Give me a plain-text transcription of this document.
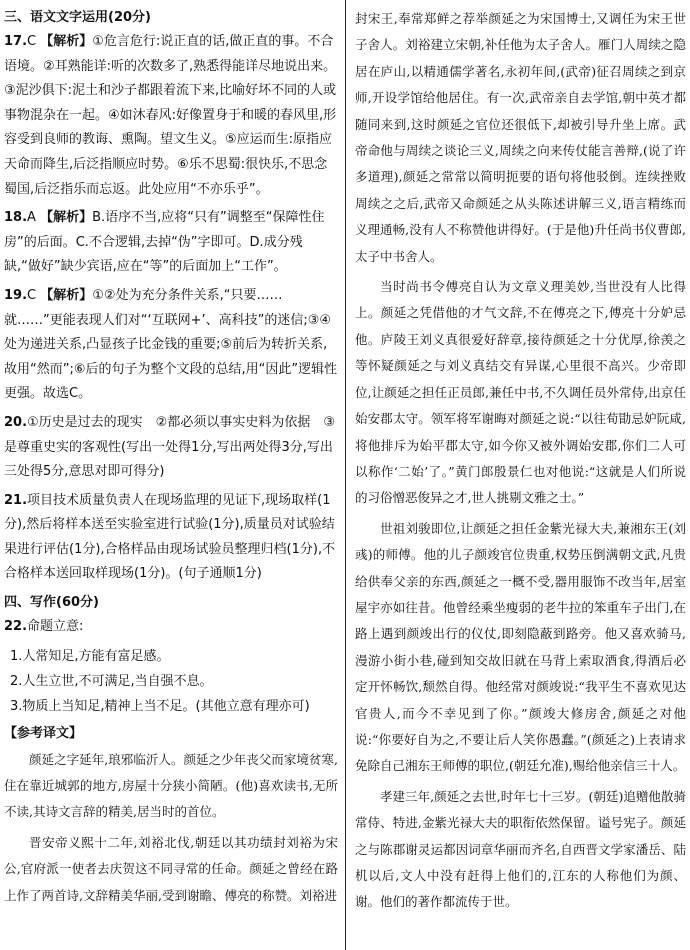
三、语文文字运用(20分)
17.C 【解析】①危言危行:说正直的话,做正直的事。不合语境。②耳熟能详:听的次数多了,熟悉得能详尽地说出来。③泥沙俱下:泥土和沙子都跟着流下来,比喻好坏不同的人或事物混杂在一起。④如沐春风:好像置身于和暖的春风里,形容受到良师的教诲、熏陶。望文生义。⑤应运而生:原指应天命而降生,后泛指顺应时势。⑥乐不思蜀:很快乐,不思念蜀国,后泛指乐而忘返。此处应用“不亦乐乎”。
18.A 【解析】B.语序不当,应将“只有”调整至“保障性住房”的后面。C.不合逻辑,去掉“伪”字即可。D.成分残缺,“做好”缺少宾语,应在“等”的后面加上“工作”。
19.C 【解析】①②处为充分条件关系,“只要……就……”更能表现人们对“‘互联网+’、高科技”的迷信;③④处为递进关系,凸显孩子比金钱的重要;⑤前后为转折关系,故用“然而”;⑥后的句子为整个文段的总结,用“因此”逻辑性更强。故选C。
20.①历史是过去的现实　②都必须以事实史料为依据　③是尊重史实的客观性(写出一处得1分,写出两处得3分,写出三处得5分,意思对即可得分)
21.项目技术质量负责人在现场监理的见证下,现场取样(1分),然后将样本送至实验室进行试验(1分),质量员对试验结果进行评估(1分),合格样品由现场试验员整理归档(1分),不合格样本送回取样现场(1分)。(句子通顺1分)
四、写作(60分)
22.命题立意:
1.人常知足,方能有富足感。
2.人生立世,不可满足,当自强不息。
3.物质上当知足,精神上当不足。(其他立意有理亦可)
【参考译文】

颜延之字延年,琅邪临沂人。颜延之少年丧父而家境贫寒,住在靠近城郭的地方,房屋十分狭小简陋。(他)喜欢读书,无所不读,其诗文言辞的精美,居当时的首位。

晋安帝义熙十二年,刘裕北伐,朝廷以其功绩封刘裕为宋公,官府派一使者去庆贺这不同寻常的任命。颜延之曾经在路上作了两首诗,文辞精美华丽,受到谢瞻、傅亮的称赞。刘裕进

封宋王,奉常郑鲜之荐举颜延之为宋国博士,又调任为宋王世子舍人。刘裕建立宋朝,补任他为太子舍人。雁门人周续之隐居在庐山,以精通儒学著名,永初年间,(武帝)征召周续之到京师,开设学馆给他居住。有一次,武帝亲自去学馆,朝中英才都随同来到,这时颜延之官位还很低下,却被引导升坐上席。武帝命他与周续之谈论三义,周续之向来传仗能言善辩,(说了许多道理),颜延之常常以简明扼要的语句将他驳倒。连续挫败周续之之后,武帝又命颜延之从头陈述讲解三义,语言精练而义理通畅,没有人不称赞他讲得好。(于是他)升任尚书仪曹郎,太子中书舍人。

当时尚书令傅亮自认为文章义理美妙,当世没有人比得上。颜延之凭借他的才气文辞,不在傅亮之下,傅亮十分妒忌他。庐陵王刘义真很爱好辞章,接待颜延之十分优厚,徐羡之等怀疑颜延之与刘义真结交有异谋,心里很不高兴。少帝即位,让颜延之担任正员郎,兼任中书,不久调任员外常侍,出京任始安郡太守。领军将军谢晦对颜延之说:“以往荀勖忌妒阮咸,将他排斥为始平郡太守,如今你又被外调始安郡,你们二人可以称作‘二始’了。”黄门郎殷景仁也对他说:“这就是人们所说的习俗憎恶俊异之才,世人挑剔文雅之士。”

世祖刘骏即位,让颜延之担任金紫光禄大夫,兼湘东王(刘彧)的师傅。他的儿子颜竣官位贵重,权势压倒满朝文武,凡贵给供奉父亲的东西,颜延之一概不受,器用服饰不改当年,居室屋宇亦如往昔。他曾经乘坐瘦弱的老牛拉的笨重车子出门,在路上遇到颜竣出行的仪仗,即刻隐蔽到路旁。他又喜欢骑马,漫游小街小巷,碰到知交故旧就在马背上索取酒食,得酒后必定开怀畅饮,颓然自得。他经常对颜竣说:“我平生不喜欢见达官贵人,而今不幸见到了你。”颜竣大修房舍,颜延之对他说:“你要好自为之,不要让后人笑你愚蠢。”(颜延之)上表请求免除自己湘东王师傅的职位,(朝廷允准),赐给他亲信三十人。

孝建三年,颜延之去世,时年七十三岁。(朝廷)追赠他散骑常侍、特进,金紫光禄大夫的职衔依然保留。谥号宪子。颜延之与陈郡谢灵运都因词章华丽而齐名,自西晋文学家潘岳、陆机以后,文人中没有赶得上他们的,江东的人称他们为颜、谢。他们的著作都流传于世。
